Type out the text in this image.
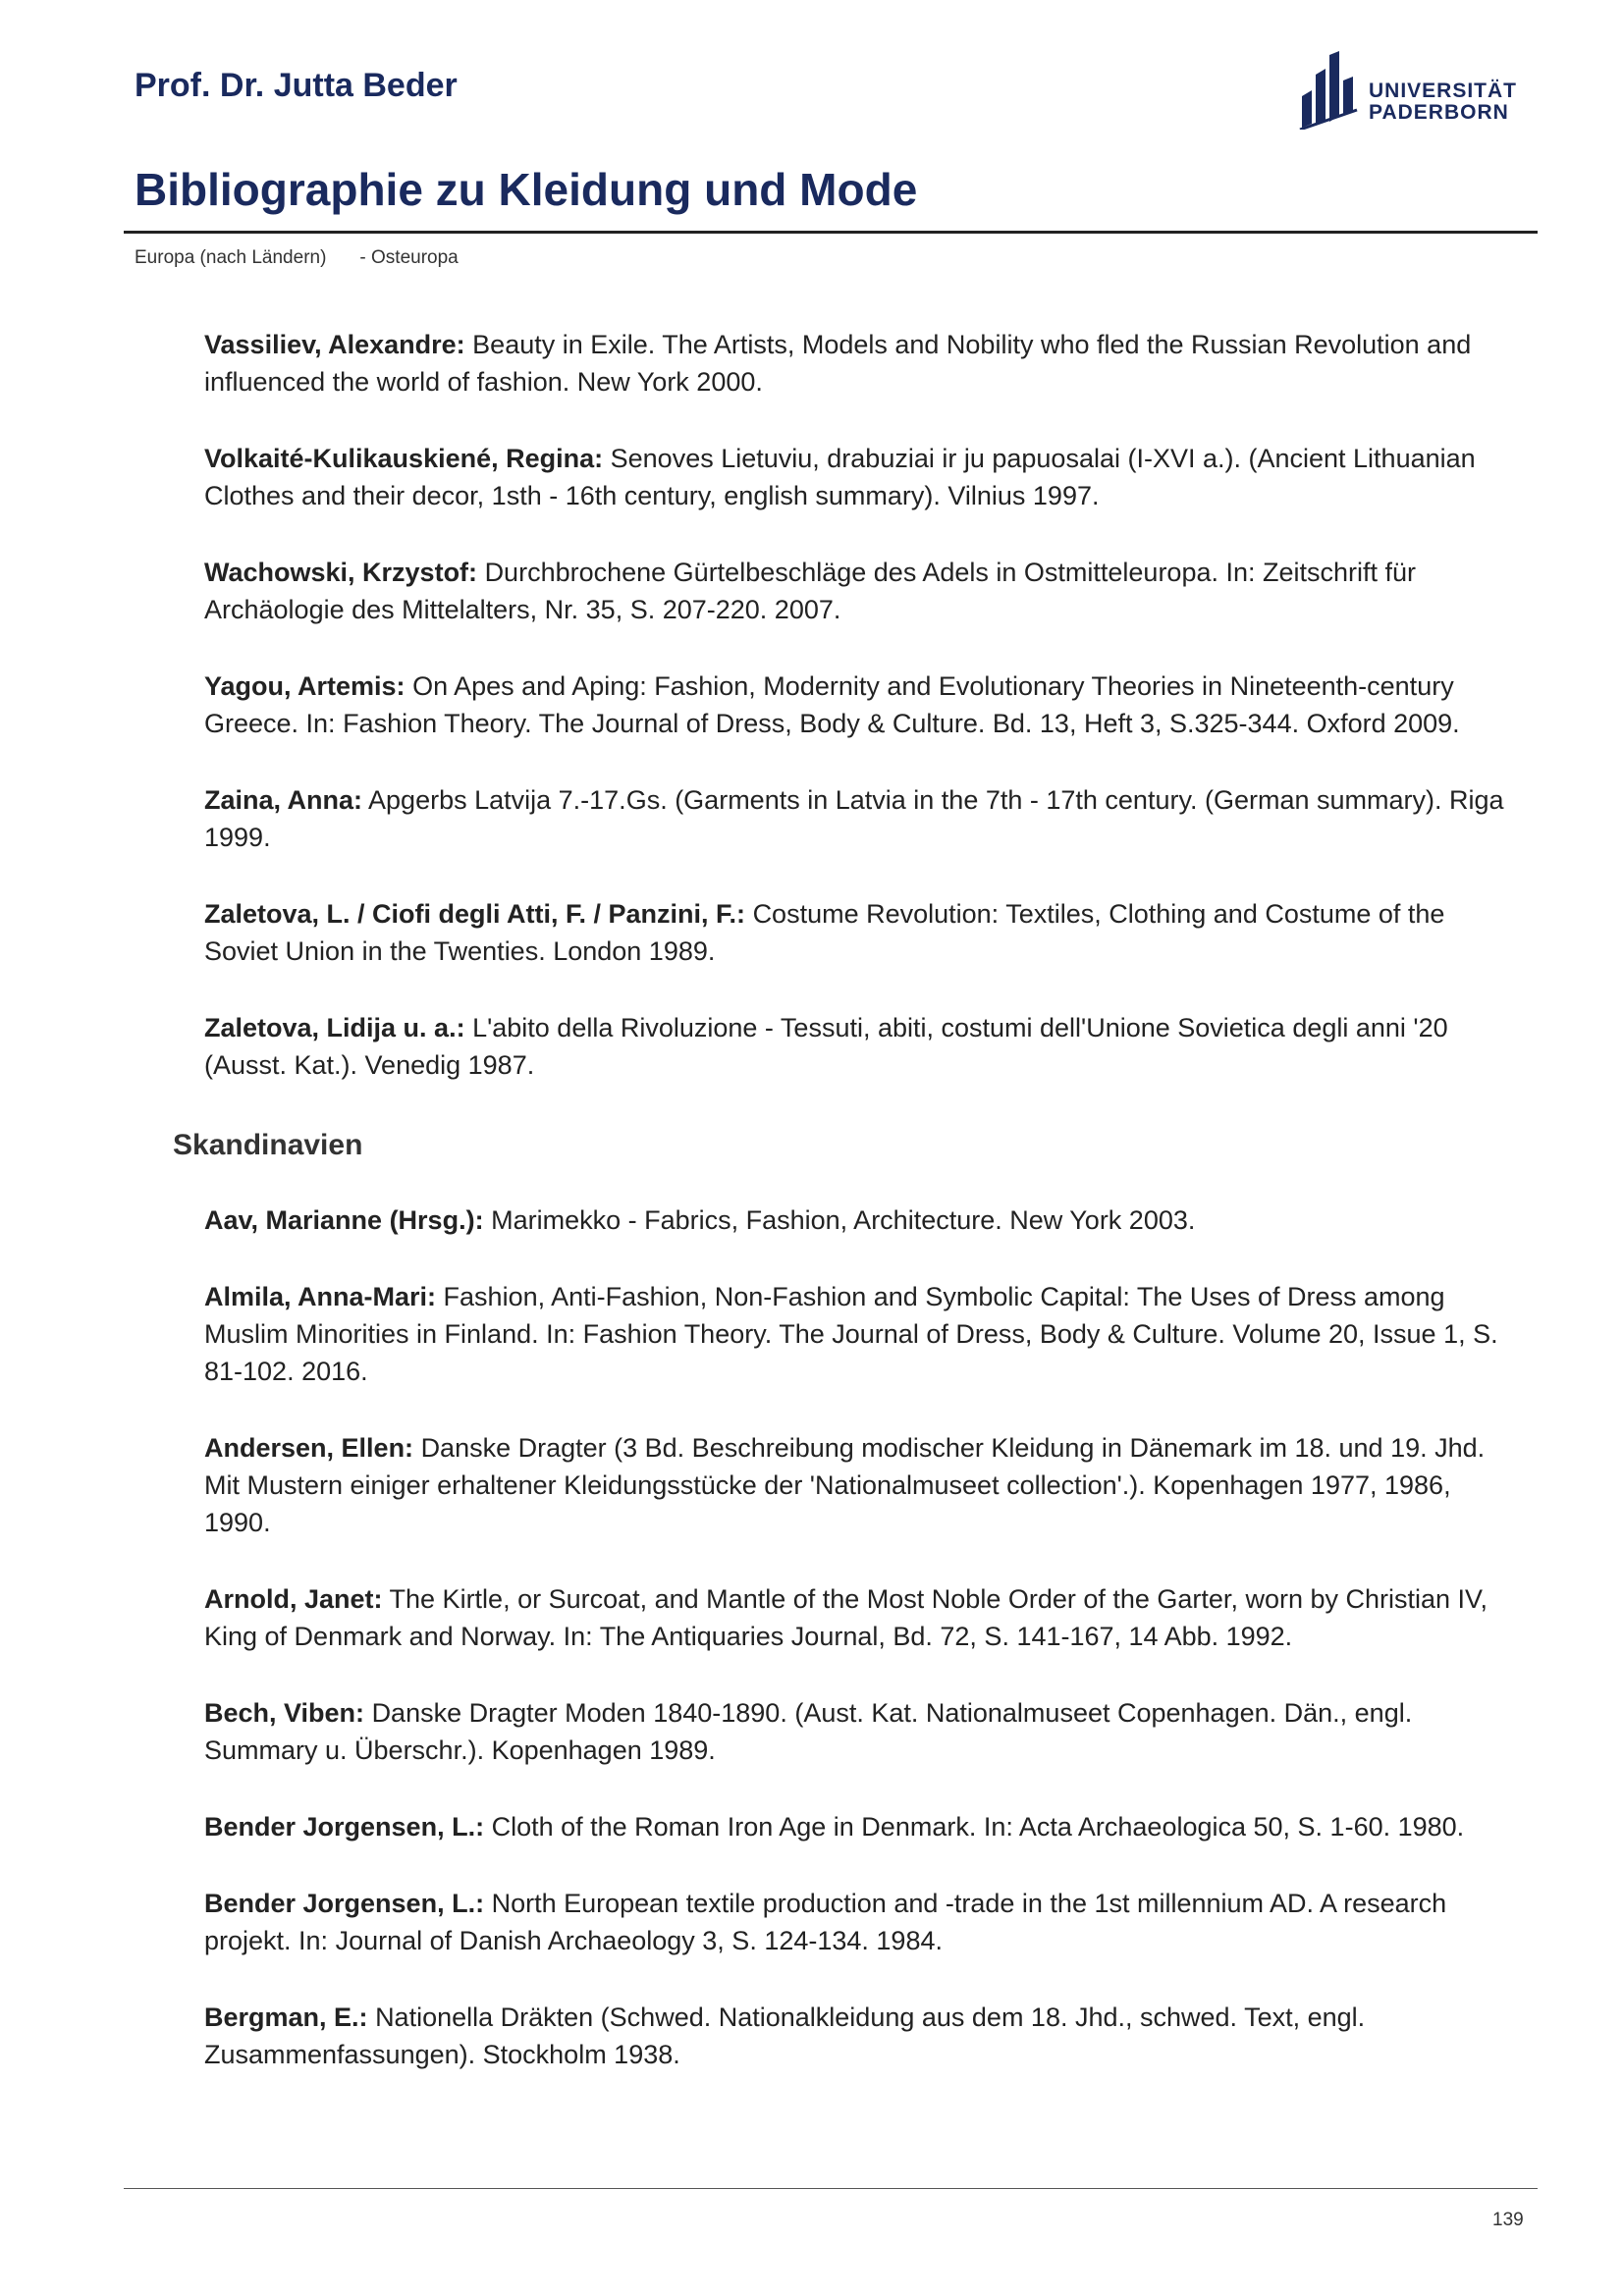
Prof. Dr. Jutta Beder	UNIVERSITÄT
PADERBORN
Bibliographie zu Kleidung und Mode
Europa (nach Ländern) - Osteuropa

Vassiliev, Alexandre: Beauty in Exile. The Artists, Models and Nobility who fled the Russian Revolution and influenced the world of fashion. New York 2000.

Volkaité-Kulikauskiené, Regina: Senoves Lietuviu, drabuziai ir ju papuosalai (I-XVI a.). (Ancient Lithuanian Clothes and their decor, 1sth - 16th century, english summary). Vilnius 1997.

Wachowski, Krzystof: Durchbrochene Gürtelbeschläge des Adels in Ostmitteleuropa. In: Zeitschrift für Archäologie des Mittelalters, Nr. 35, S. 207-220. 2007.

Yagou, Artemis: On Apes and Aping: Fashion, Modernity and Evolutionary Theories in Nineteenth-century Greece. In: Fashion Theory. The Journal of Dress, Body & Culture. Bd. 13, Heft 3, S.325-344. Oxford 2009.

Zaina, Anna: Apgerbs Latvija 7.-17.Gs. (Garments in Latvia in the 7th - 17th century. (German summary). Riga 1999.

Zaletova, L. / Ciofi degli Atti, F. / Panzini, F.: Costume Revolution: Textiles, Clothing and Costume of the Soviet Union in the Twenties. London 1989.

Zaletova, Lidija u. a.: L'abito della Rivoluzione - Tessuti, abiti, costumi dell'Unione Sovietica degli anni '20 (Ausst. Kat.). Venedig 1987.

Skandinavien

Aav, Marianne (Hrsg.): Marimekko - Fabrics, Fashion, Architecture. New York 2003.

Almila, Anna-Mari: Fashion, Anti-Fashion, Non-Fashion and Symbolic Capital: The Uses of Dress among Muslim Minorities in Finland. In: Fashion Theory. The Journal of Dress, Body & Culture. Volume 20, Issue 1, S. 81-102. 2016.

Andersen, Ellen: Danske Dragter (3 Bd. Beschreibung modischer Kleidung in Dänemark im 18. und 19. Jhd. Mit Mustern einiger erhaltener Kleidungsstücke der 'Nationalmuseet collection'.). Kopenhagen 1977, 1986, 1990.

Arnold, Janet: The Kirtle, or Surcoat, and Mantle of the Most Noble Order of the Garter, worn by Christian IV, King of Denmark and Norway. In: The Antiquaries Journal, Bd. 72, S. 141-167, 14 Abb. 1992.

Bech, Viben: Danske Dragter Moden 1840-1890. (Aust. Kat. Nationalmuseet Copenhagen. Dän., engl. Summary u. Überschr.). Kopenhagen 1989.

Bender Jorgensen, L.: Cloth of the Roman Iron Age in Denmark. In: Acta Archaeologica 50, S. 1-60. 1980.

Bender Jorgensen, L.: North European textile production and -trade in the 1st millennium AD. A research projekt. In: Journal of Danish Archaeology 3, S. 124-134. 1984.

Bergman, E.: Nationella Dräkten (Schwed. Nationalkleidung aus dem 18. Jhd., schwed. Text, engl. Zusammenfassungen). Stockholm 1938.

139
